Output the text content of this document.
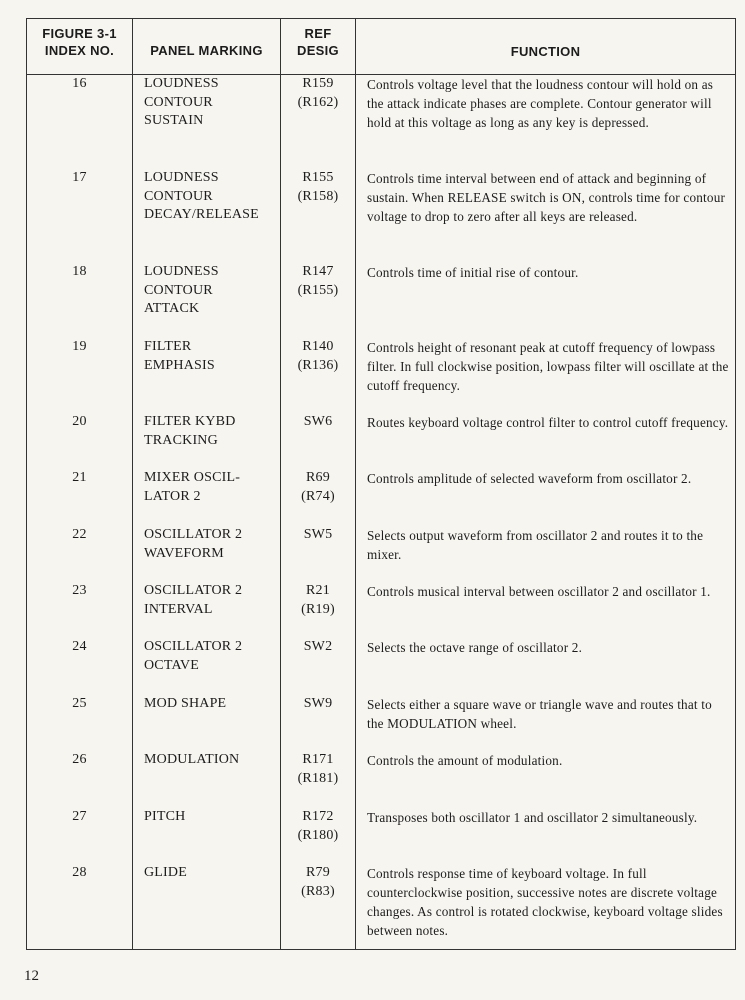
FIGURE 3-1
INDEX NO.	PANEL MARKING
REF
DESIG	FUNCTION
16
17
18
19
20
21
22
23
24
25
26
27
28
LOUDNESS
CONTOUR
SUSTAIN
LOUDNESS
CONTOUR
DECAY/RELEASE
LOUDNESS
CONTOUR
ATTACK
FILTER
EMPHASIS
FILTER KYBD
TRACKING
MIXER OSCIL-
LATOR 2
OSCILLATOR 2
WAVEFORM
OSCILLATOR 2
INTERVAL
OSCILLATOR 2
OCTAVE
MOD SHAPE
MODULATION
PITCH
GLIDE
R159
(R162)
R155
(R158)
R147
(R155)
R140
(R136)
SW6
R69
(R74)
SW5
R21
(R19)
SW2
SW9
R171
(R181)
R172
(R180)
R79
(R83)
Controls voltage level that the loudness contour will hold on as the attack indicate phases are complete. Contour generator will hold at this voltage as long as any key is depressed.
Controls time interval between end of attack and beginning of sustain. When RELEASE switch is ON, controls time for contour voltage to drop to zero after all keys are released.
Controls time of initial rise of contour.
Controls height of resonant peak at cutoff frequency of lowpass filter. In full clockwise position, lowpass filter will oscillate at the cutoff frequency.
Routes keyboard voltage control filter to control cutoff frequency.
Controls amplitude of selected waveform from oscillator 2.
Selects output waveform from oscillator 2 and routes it to the mixer.
Controls musical interval between oscillator 2 and oscillator 1.
Selects the octave range of oscillator 2.
Selects either a square wave or triangle wave and routes that to the MODULATION wheel.
Controls the amount of modulation.
Transposes both oscillator 1 and oscillator 2 simultaneously.
Controls response time of keyboard voltage. In full counterclockwise position, successive notes are discrete voltage changes. As control is rotated clockwise, keyboard voltage slides between notes.
12
